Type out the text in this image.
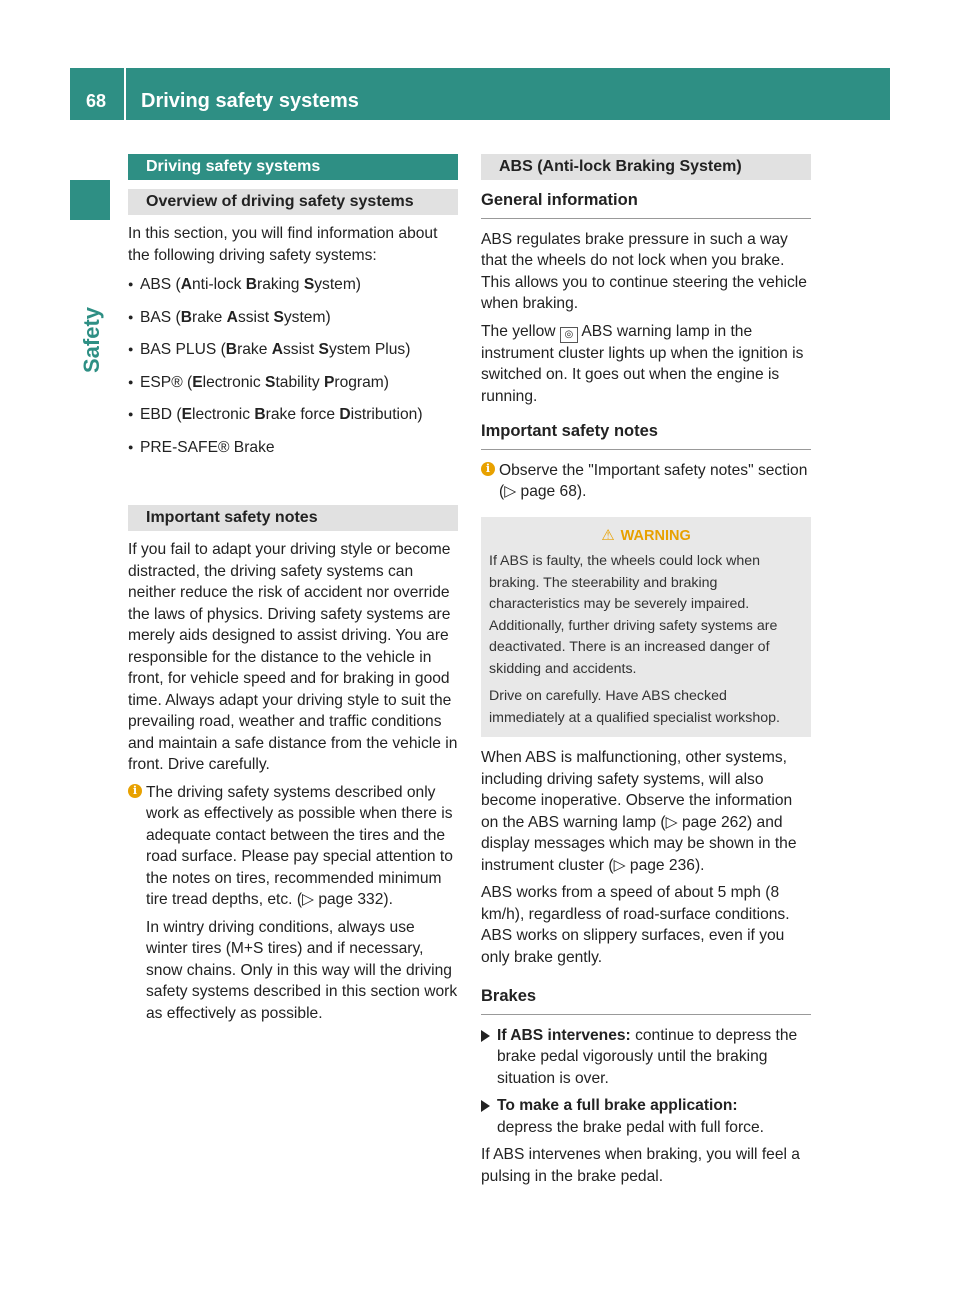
68	Driving safety systems
Safety
Driving safety systems
Overview of driving safety systems

In this section, you will find information about the following driving safety systems:

● ABS (Anti-lock Braking System)
● BAS (Brake Assist System)
● BAS PLUS (Brake Assist System Plus)
● ESP® (Electronic Stability Program)
● EBD (Electronic Brake force Distribution)
● PRE-SAFE® Brake
Important safety notes

If you fail to adapt your driving style or become distracted, the driving safety systems can neither reduce the risk of accident nor override the laws of physics. Driving safety systems are merely aids designed to assist driving. You are responsible for the distance to the vehicle in front, for vehicle speed and for braking in good time. Always adapt your driving style to suit the prevailing road, weather and traffic conditions and maintain a safe distance from the vehicle in front. Drive carefully.

i The driving safety systems described only work as effectively as possible when there is adequate contact between the tires and the road surface. Please pay special attention to the notes on tires, recommended minimum tire tread depths, etc. (▷ page 332).

In wintry driving conditions, always use winter tires (M+S tires) and if necessary, snow chains. Only in this way will the driving safety systems described in this section work as effectively as possible.

ABS (Anti-lock Braking System)
General information

ABS regulates brake pressure in such a way that the wheels do not lock when you brake. This allows you to continue steering the vehicle when braking.

The yellow ◎ ABS warning lamp in the instrument cluster lights up when the ignition is switched on. It goes out when the engine is running.

Important safety notes
i Observe the "Important safety notes" section (▷ page 68).

⚠ WARNING

If ABS is faulty, the wheels could lock when braking. The steerability and braking characteristics may be severely impaired. Additionally, further driving safety systems are deactivated. There is an increased danger of skidding and accidents.

Drive on carefully. Have ABS checked immediately at a qualified specialist workshop.

When ABS is malfunctioning, other systems, including driving safety systems, will also become inoperative. Observe the information on the ABS warning lamp (▷ page 262) and display messages which may be shown in the instrument cluster (▷ page 236).

ABS works from a speed of about 5 mph (8 km/h), regardless of road-surface conditions. ABS works on slippery surfaces, even if you only brake gently.

Brakes
If ABS intervenes: continue to depress the brake pedal vigorously until the braking situation is over.
To make a full brake application:
depress the brake pedal with full force.

If ABS intervenes when braking, you will feel a pulsing in the brake pedal.
